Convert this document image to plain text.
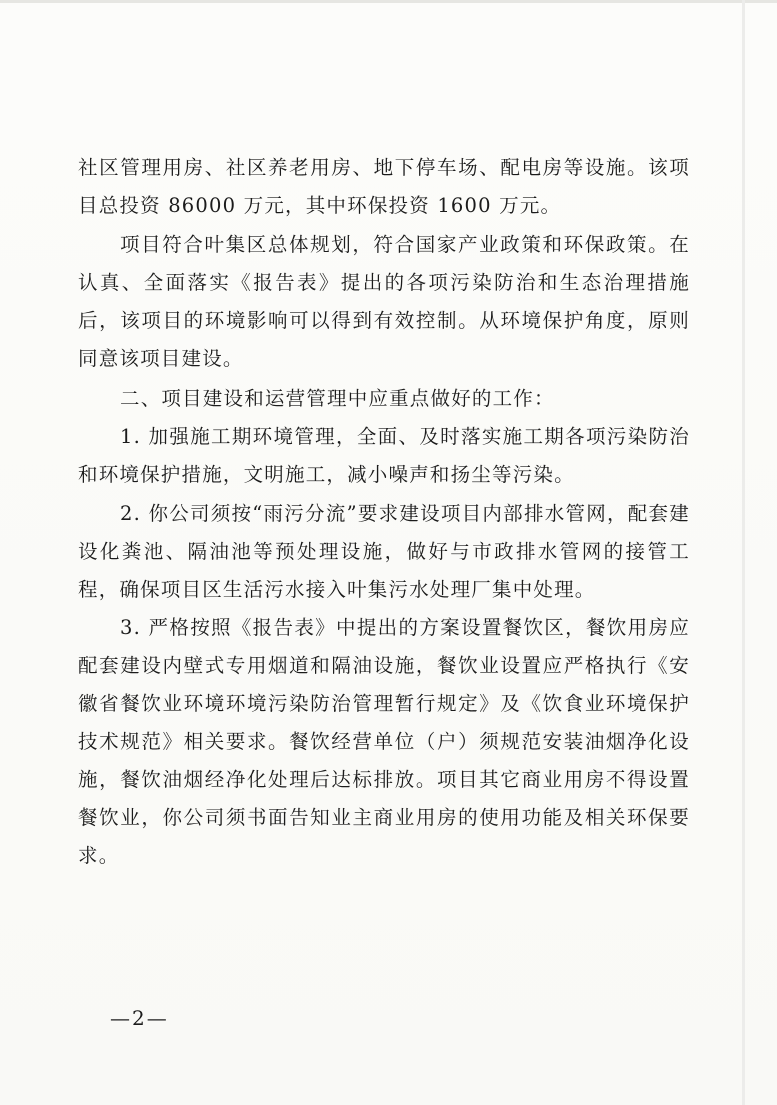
社区管理用房、社区养老用房、地下停车场、配电房等设施。该项目总投资 86000 万元，其中环保投资 1600 万元。

项目符合叶集区总体规划，符合国家产业政策和环保政策。在认真、全面落实《报告表》提出的各项污染防治和生态治理措施后，该项目的环境影响可以得到有效控制。从环境保护角度，原则同意该项目建设。

二、项目建设和运营管理中应重点做好的工作：

1. 加强施工期环境管理，全面、及时落实施工期各项污染防治和环境保护措施，文明施工，减小噪声和扬尘等污染。

2. 你公司须按“雨污分流”要求建设项目内部排水管网，配套建设化粪池、隔油池等预处理设施，做好与市政排水管网的接管工程，确保项目区生活污水接入叶集污水处理厂集中处理。

3. 严格按照《报告表》中提出的方案设置餐饮区，餐饮用房应配套建设内壁式专用烟道和隔油设施，餐饮业设置应严格执行《安徽省餐饮业环境环境污染防治管理暂行规定》及《饮食业环境保护技术规范》相关要求。餐饮经营单位（户）须规范安装油烟净化设施，餐饮油烟经净化处理后达标排放。项目其它商业用房不得设置餐饮业，你公司须书面告知业主商业用房的使用功能及相关环保要求。

—2—
